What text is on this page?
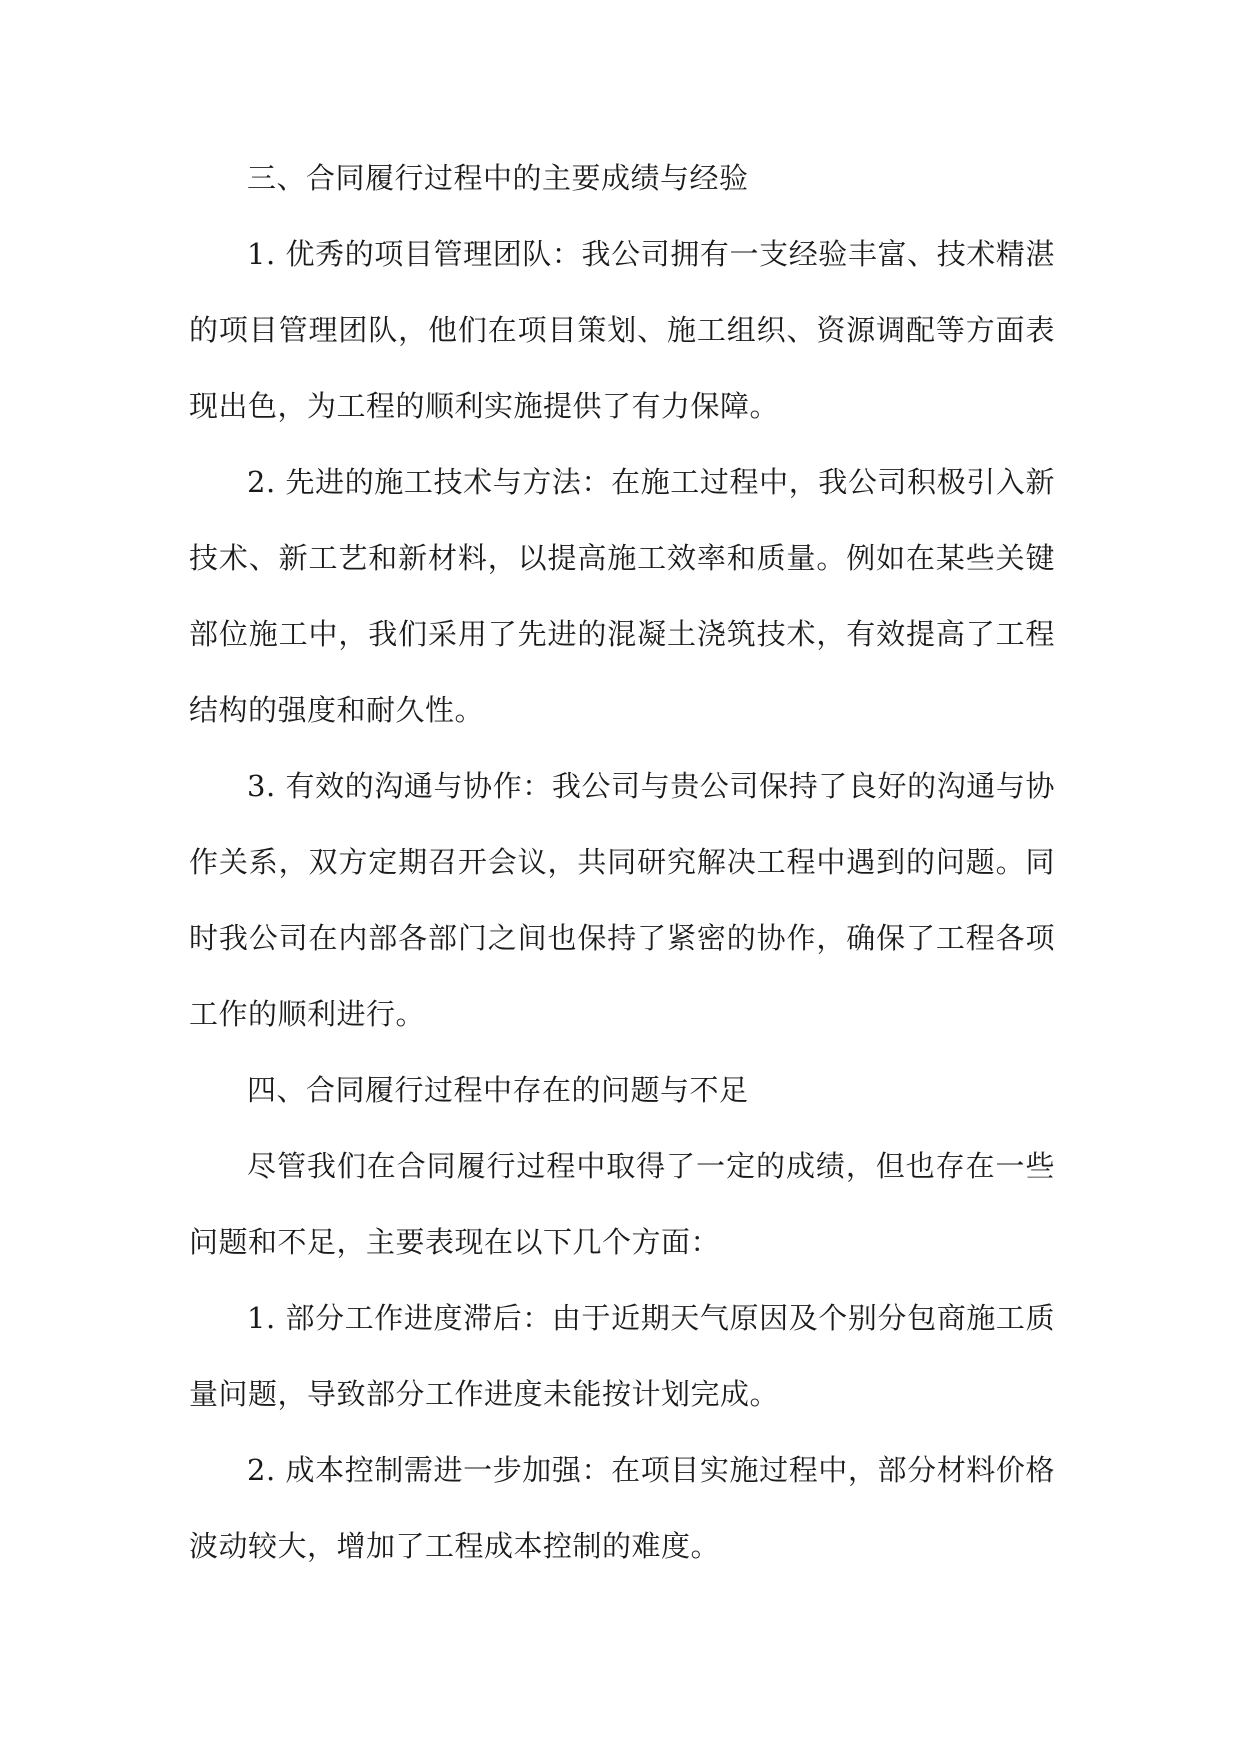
三、合同履行过程中的主要成绩与经验

1. 优秀的项目管理团队：我公司拥有一支经验丰富、技术精湛的项目管理团队，他们在项目策划、施工组织、资源调配等方面表现出色，为工程的顺利实施提供了有力保障。

2. 先进的施工技术与方法：在施工过程中，我公司积极引入新技术、新工艺和新材料，以提高施工效率和质量。例如在某些关键部位施工中，我们采用了先进的混凝土浇筑技术，有效提高了工程结构的强度和耐久性。

3. 有效的沟通与协作：我公司与贵公司保持了良好的沟通与协作关系，双方定期召开会议，共同研究解决工程中遇到的问题。同时我公司在内部各部门之间也保持了紧密的协作，确保了工程各项工作的顺利进行。

四、合同履行过程中存在的问题与不足

尽管我们在合同履行过程中取得了一定的成绩，但也存在一些问题和不足，主要表现在以下几个方面：

1. 部分工作进度滞后：由于近期天气原因及个别分包商施工质量问题，导致部分工作进度未能按计划完成。

2. 成本控制需进一步加强：在项目实施过程中，部分材料价格波动较大，增加了工程成本控制的难度。
